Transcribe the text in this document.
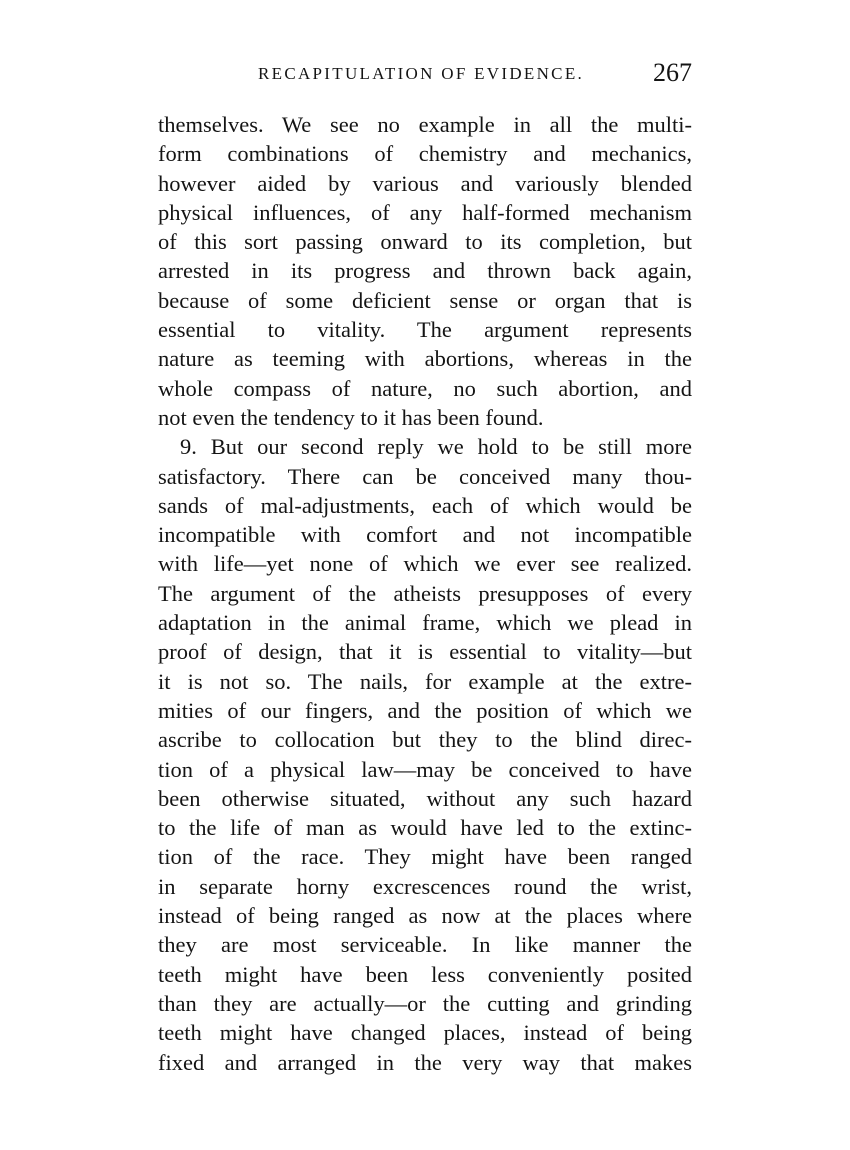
RECAPITULATION OF EVIDENCE.	267
themselves. We see no example in all the multi-
form combinations of chemistry and mechanics,
however aided by various and variously blended
physical influences, of any half-formed mechanism
of this sort passing onward to its completion, but
arrested in its progress and thrown back again,
because of some deficient sense or organ that is
essential to vitality. The argument represents
nature as teeming with abortions, whereas in the
whole compass of nature, no such abortion, and
not even the tendency to it has been found.
9. But our second reply we hold to be still more
satisfactory. There can be conceived many thou-
sands of mal-adjustments, each of which would be
incompatible with comfort and not incompatible
with life—yet none of which we ever see realized.
The argument of the atheists presupposes of every
adaptation in the animal frame, which we plead in
proof of design, that it is essential to vitality—but
it is not so. The nails, for example at the extre-
mities of our fingers, and the position of which we
ascribe to collocation but they to the blind direc-
tion of a physical law—may be conceived to have
been otherwise situated, without any such hazard
to the life of man as would have led to the extinc-
tion of the race. They might have been ranged
in separate horny excrescences round the wrist,
instead of being ranged as now at the places where
they are most serviceable. In like manner the
teeth might have been less conveniently posited
than they are actually—or the cutting and grinding
teeth might have changed places, instead of being
fixed and arranged in the very way that makes
